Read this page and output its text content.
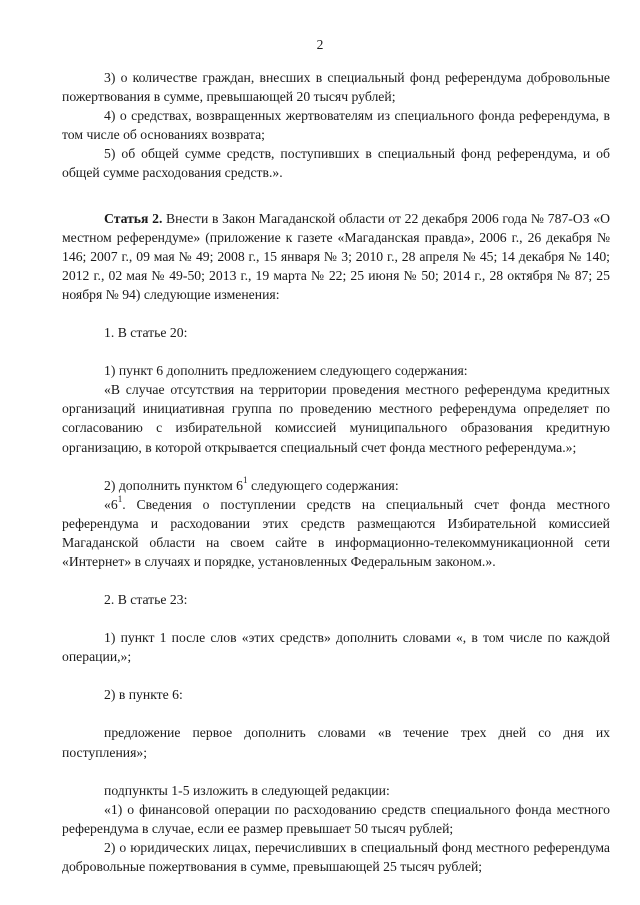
2

3) о количестве граждан, внесших в специальный фонд референдума добровольные пожертвования в сумме, превышающей 20 тысяч рублей;

4) о средствах, возвращенных жертвователям из специального фонда референдума, в том числе об основаниях возврата;

5) об общей сумме средств, поступивших в специальный фонд референдума, и об общей сумме расходования средств.».

Статья 2. Внести в Закон Магаданской области от 22 декабря 2006 года № 787-ОЗ «О местном референдуме» (приложение к газете «Магаданская правда», 2006 г., 26 декабря № 146; 2007 г., 09 мая № 49; 2008 г., 15 января № 3; 2010 г., 28 апреля № 45; 14 декабря № 140; 2012 г., 02 мая № 49-50; 2013 г., 19 марта № 22; 25 июня № 50; 2014 г., 28 октября № 87; 25 ноября № 94) следующие изменения:

1. В статье 20:

1) пункт 6 дополнить предложением следующего содержания:

«В случае отсутствия на территории проведения местного референдума кредитных организаций инициативная группа по проведению местного референдума определяет по согласованию с избирательной комиссией муниципального образования кредитную организацию, в которой открывается специальный счет фонда местного референдума.»;

2) дополнить пунктом $6^1$ следующего содержания:

«$6^1$. Сведения о поступлении средств на специальный счет фонда местного референдума и расходовании этих средств размещаются Избирательной комиссией Магаданской области на своем сайте в информационно-телекоммуникационной сети «Интернет» в случаях и порядке, установленных Федеральным законом.».

2. В статье 23:

1) пункт 1 после слов «этих средств» дополнить словами «, в том числе по каждой операции,»;

2) в пункте 6:

предложение первое дополнить словами «в течение трех дней со дня их поступления»;

подпункты 1-5 изложить в следующей редакции:

«1) о финансовой операции по расходованию средств специального фонда местного референдума в случае, если ее размер превышает 50 тысяч рублей;

2) о юридических лицах, перечисливших в специальный фонд местного референдума добровольные пожертвования в сумме, превышающей 25 тысяч рублей;
